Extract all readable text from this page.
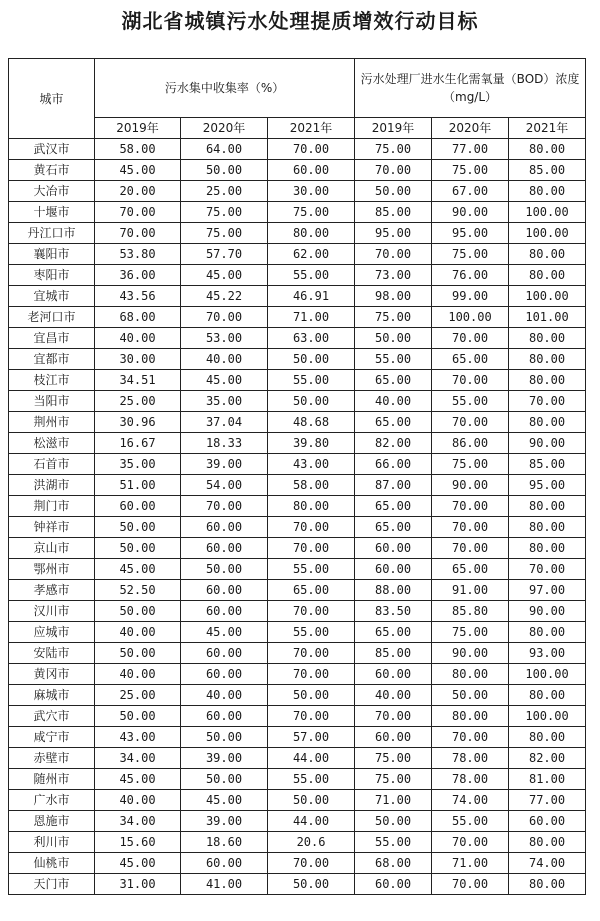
湖北省城镇污水处理提质增效行动目标
城市	污水集中收集率（%）			污水处理厂进水生化需氧量（BOD）浓度（mg/L）		
	2019年	2020年	2021年	2019年	2020年	2021年
武汉市	58.00	64.00	70.00	75.00	77.00	80.00
黄石市	45.00	50.00	60.00	70.00	75.00	85.00
大冶市	20.00	25.00	30.00	50.00	67.00	80.00
十堰市	70.00	75.00	75.00	85.00	90.00	100.00
丹江口市	70.00	75.00	80.00	95.00	95.00	100.00
襄阳市	53.80	57.70	62.00	70.00	75.00	80.00
枣阳市	36.00	45.00	55.00	73.00	76.00	80.00
宜城市	43.56	45.22	46.91	98.00	99.00	100.00
老河口市	68.00	70.00	71.00	75.00	100.00	101.00
宜昌市	40.00	53.00	63.00	50.00	70.00	80.00
宜都市	30.00	40.00	50.00	55.00	65.00	80.00
枝江市	34.51	45.00	55.00	65.00	70.00	80.00
当阳市	25.00	35.00	50.00	40.00	55.00	70.00
荆州市	30.96	37.04	48.68	65.00	70.00	80.00
松滋市	16.67	18.33	39.80	82.00	86.00	90.00
石首市	35.00	39.00	43.00	66.00	75.00	85.00
洪湖市	51.00	54.00	58.00	87.00	90.00	95.00
荆门市	60.00	70.00	80.00	65.00	70.00	80.00
钟祥市	50.00	60.00	70.00	65.00	70.00	80.00
京山市	50.00	60.00	70.00	60.00	70.00	80.00
鄂州市	45.00	50.00	55.00	60.00	65.00	70.00
孝感市	52.50	60.00	65.00	88.00	91.00	97.00
汉川市	50.00	60.00	70.00	83.50	85.80	90.00
应城市	40.00	45.00	55.00	65.00	75.00	80.00
安陆市	50.00	60.00	70.00	85.00	90.00	93.00
黄冈市	40.00	60.00	70.00	60.00	80.00	100.00
麻城市	25.00	40.00	50.00	40.00	50.00	80.00
武穴市	50.00	60.00	70.00	70.00	80.00	100.00
咸宁市	43.00	50.00	57.00	60.00	70.00	80.00
赤壁市	34.00	39.00	44.00	75.00	78.00	82.00
随州市	45.00	50.00	55.00	75.00	78.00	81.00
广水市	40.00	45.00	50.00	71.00	74.00	77.00
恩施市	34.00	39.00	44.00	50.00	55.00	60.00
利川市	15.60	18.60	20.6	55.00	70.00	80.00
仙桃市	45.00	60.00	70.00	68.00	71.00	74.00
天门市	31.00	41.00	50.00	60.00	70.00	80.00
